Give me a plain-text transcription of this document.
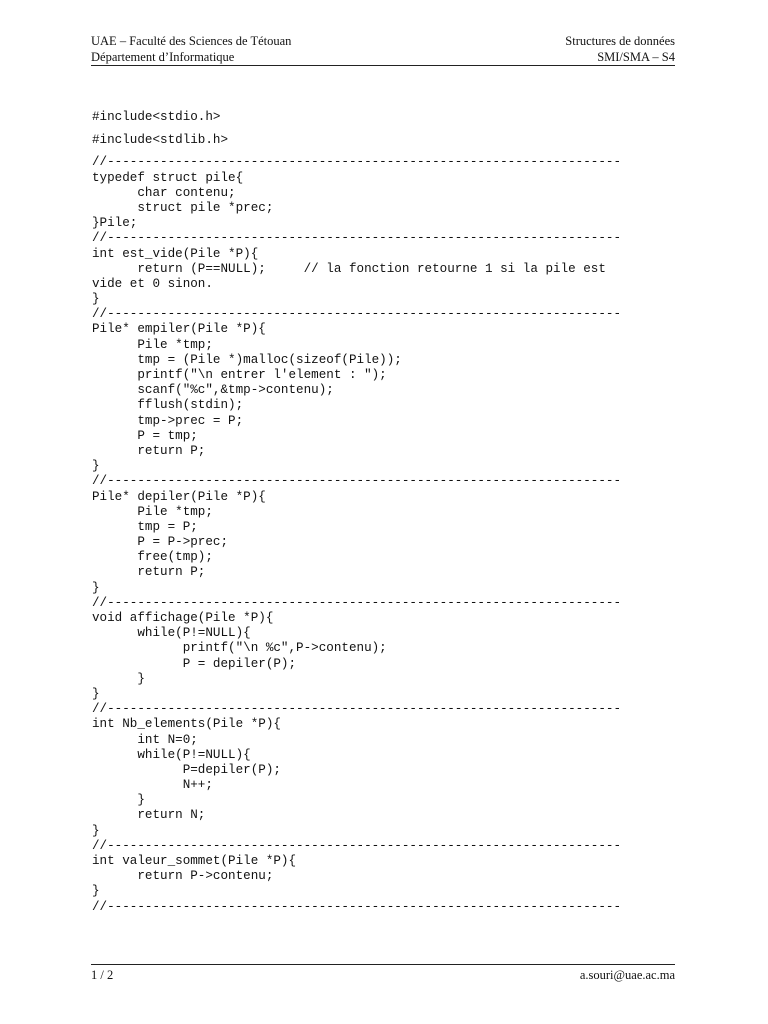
UAE – Faculté des Sciences de Tétouan
Département d’Informatique
Structures de données
SMI/SMA – S4
#include<stdio.h>
#include<stdlib.h>
//--------------------------------------------------------------------
typedef struct pile{
char contenu;
struct pile *prec;
}Pile;
//--------------------------------------------------------------------
int est_vide(Pile *P){
return (P==NULL);     // la fonction retourne 1 si la pile est
vide et 0 sinon.
}
//--------------------------------------------------------------------
Pile* empiler(Pile *P){
Pile *tmp;
tmp = (Pile *)malloc(sizeof(Pile));
printf("\n entrer l'element : ");
scanf("%c",&tmp->contenu);
fflush(stdin);
tmp->prec = P;
P = tmp;
return P;
}
//--------------------------------------------------------------------
Pile* depiler(Pile *P){
Pile *tmp;
tmp = P;
P = P->prec;
free(tmp);
return P;
}
//--------------------------------------------------------------------
void affichage(Pile *P){
while(P!=NULL){
printf("\n %c",P->contenu);
P = depiler(P);
}
}
//--------------------------------------------------------------------
int Nb_elements(Pile *P){
int N=0;
while(P!=NULL){
P=depiler(P);
N++;
}
return N;
}
//--------------------------------------------------------------------
int valeur_sommet(Pile *P){
return P->contenu;
}
//--------------------------------------------------------------------
1 / 2	a.souri@uae.ac.ma
